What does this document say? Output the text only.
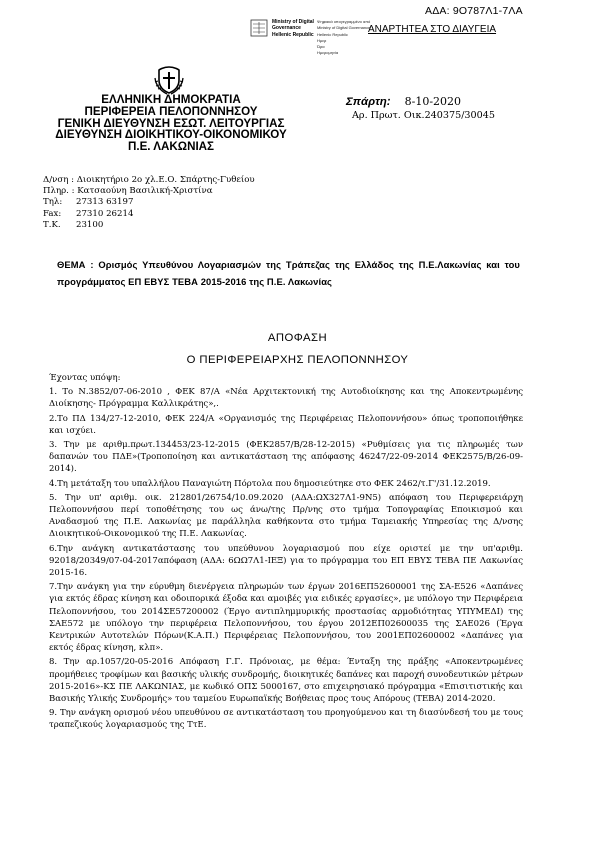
ΑΔΑ: 9Ο787Λ1-7ΛΑ
Ministry of Digital
Governance
Hellenic Republic
Ψηφιακά υπογεγραμμένο από
Ministry of Digital Governance
Hellenic Republic
Ημερ
Ώρα
Ημερομηνία
ΑΝΑΡΤΗΤΕΑ ΣΤΟ ΔΙΑΥΓΕΙΑ
ΕΛΛΗΝΙΚΗ ΔΗΜΟΚΡΑΤΙΑ
ΠΕΡΙΦΕΡΕΙΑ ΠΕΛΟΠΟΝΝΗΣΟΥ
ΓΕΝΙΚΗ ΔΙΕΥΘΥΝΣΗ ΕΣΩΤ. ΛΕΙΤΟΥΡΓΙΑΣ
ΔΙΕΥΘΥΝΣΗ ΔΙΟΙΚΗΤΙΚΟΥ-ΟΙΚΟΝΟΜΙΚΟΥ
Π.Ε. ΛΑΚΩΝΙΑΣ
Σπάρτη: 8-10-2020
Αρ. Πρωτ. Οικ.240375/30045
Δ/νση : Διοικητήριο 2ο χλ.Ε.Ο. Σπάρτης-Γυθείου
Πληρ. : Κατσαούνη Βασιλική-Χριστίνα
Τηλ: 27313 63197
Fax: 27310 26214
Τ.Κ. 23100
ΘΕΜΑ : Ορισμός Υπευθύνου Λογαριασμών της Τράπεζας της Ελλάδος της Π.Ε.Λακωνίας και του προγράμματος ΕΠ ΕΒΥΣ ΤΕΒΑ 2015-2016 της Π.Ε. Λακωνίας
ΑΠΟΦΑΣΗ
Ο ΠΕΡΙΦΕΡΕΙΑΡΧΗΣ ΠΕΛΟΠΟΝΝΗΣΟΥ

Έχοντας υπόψη:

1. Το Ν.3852/07-06-2010 , ΦΕΚ 87/Α «Νέα Αρχιτεκτονική της Αυτοδιοίκησης και της Αποκεντρωμένης Διοίκησης- Πρόγραμμα Καλλικράτης»,.

2.Το ΠΔ 134/27-12-2010, ΦΕΚ 224/Α «Οργανισμός της Περιφέρειας Πελοποννήσου» όπως τροποποιήθηκε και ισχύει.

3. Την με αριθμ.πρωτ.134453/23-12-2015 (ΦΕΚ2857/Β/28-12-2015) «Ρυθμίσεις για τις πληρωμές των δαπανών του ΠΔΕ»(Τροποποίηση και αντικατάσταση της απόφασης 46247/22-09-2014 ΦΕΚ2575/Β/26-09-2014).

4.Τη μετάταξη του υπαλλήλου Παναγιώτη Πόρτολα που δημοσιεύτηκε στο ΦΕΚ 2462/τ.Γ'/31.12.2019.

5. Την υπ' αριθμ. οικ. 212801/26754/10.09.2020 (ΑΔΑ:ΩΧ327Λ1-9Ν5) απόφαση του Περιφερειάρχη Πελοποννήσου περί τοποθέτησης του ως άνω/της Πρ/νης στο τμήμα Τοπογραφίας Εποικισμού και Αναδασμού της Π.Ε. Λακωνίας με παράλληλα καθήκοντα στο τμήμα Ταμειακής Υπηρεσίας της Δ/νσης Διοικητικού-Οικονομικού της Π.Ε. Λακωνίας.

6.Την ανάγκη αντικατάστασης του υπεύθυνου λογαριασμού που είχε οριστεί με την υπ'αριθμ. 92018/20349/07-04-2017απόφαση (ΑΔΑ: 6ΩΩ7Λ1-ΙΕΞ) για το πρόγραμμα του ΕΠ ΕΒΥΣ ΤΕΒΑ ΠΕ Λακωνίας 2015-16.

7.Την ανάγκη για την εύρυθμη διενέργεια πληρωμών των έργων 2016ΕΠ52600001 της ΣΑ-Ε526 «Δαπάνες για εκτός έδρας κίνηση και οδοιπορικά έξοδα και αμοιβές για ειδικές εργασίες», με υπόλογο την Περιφέρεια Πελοποννήσου, του 2014ΣΕ57200002 (Έργο αντιπλημμυρικής προστασίας αρμοδιότητας ΥΠΥΜΕΔΙ) της ΣΑΕ572 με υπόλογο την περιφέρεια Πελοποννήσου, του έργου 2012ΕΠ02600035 της ΣΑΕ026 (Έργα Κεντρικών Αυτοτελών Πόρων(Κ.Α.Π.) Περιφέρειας Πελοποννήσου, του 2001ΕΠ02600002 «Δαπάνες για εκτός έδρας κίνηση, κλπ».

8. Την αρ.1057/20-05-2016 Απόφαση Γ.Γ. Πρόνοιας, με θέμα: Ένταξη της πράξης «Αποκεντρωμένες προμήθειες τροφίμων και βασικής υλικής συνδρομής, διοικητικές δαπάνες και παροχή συνοδευτικών μέτρων 2015-2016»-ΚΣ ΠΕ ΛΑΚΩΝΙΑΣ, με κωδικό ΟΠΣ 5000167, στο επιχειρησιακό πρόγραμμα «Επισιτιστικής και Βασικής Υλικής Συνδρομής» του ταμείου Ευρωπαϊκής Βοήθειας προς τους Απόρους (ΤΕΒΑ) 2014-2020.

9. Την ανάγκη ορισμού νέου υπευθύνου σε αντικατάσταση του προηγούμενου και τη διασύνδεσή του με τους τραπεζικούς λογαριασμούς της ΤτΕ.
